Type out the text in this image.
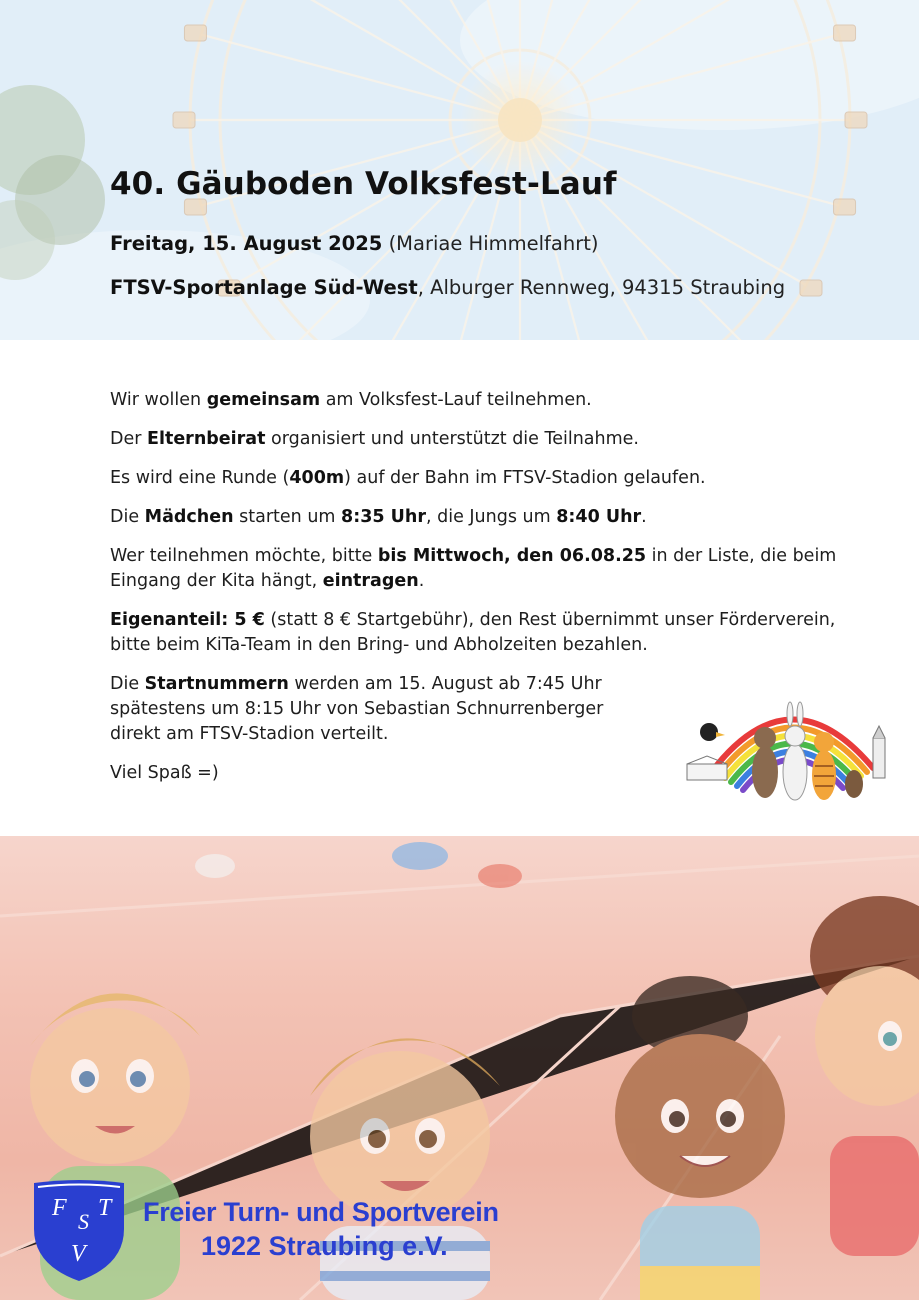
40. Gäuboden Volksfest-Lauf
Freitag, 15. August 2025 (Mariae Himmelfahrt)
FTSV-Sportanlage Süd-West, Alburger Rennweg, 94315 Straubing

Wir wollen gemeinsam am Volksfest-Lauf teilnehmen.

Der Elternbeirat organisiert und unterstützt die Teilnahme.

Es wird eine Runde (400m) auf der Bahn im FTSV-Stadion gelaufen.

Die Mädchen starten um 8:35 Uhr, die Jungs um 8:40 Uhr.

Wer teilnehmen möchte, bitte bis Mittwoch, den 06.08.25 in der Liste, die beim Eingang der Kita hängt, eintragen.

Eigenanteil: 5 € (statt 8 € Startgebühr), den Rest übernimmt unser Förderverein, bitte beim KiTa-Team in den Bring- und Abholzeiten bezahlen.

Die Startnummern werden am 15. August ab 7:45 Uhr spätestens um 8:15 Uhr von Sebastian Schnurrenberger direkt am FTSV-Stadion verteilt.

Viel Spaß =)

F
S
T
V
Freier Turn- und Sportverein
1922 Straubing e.V.
